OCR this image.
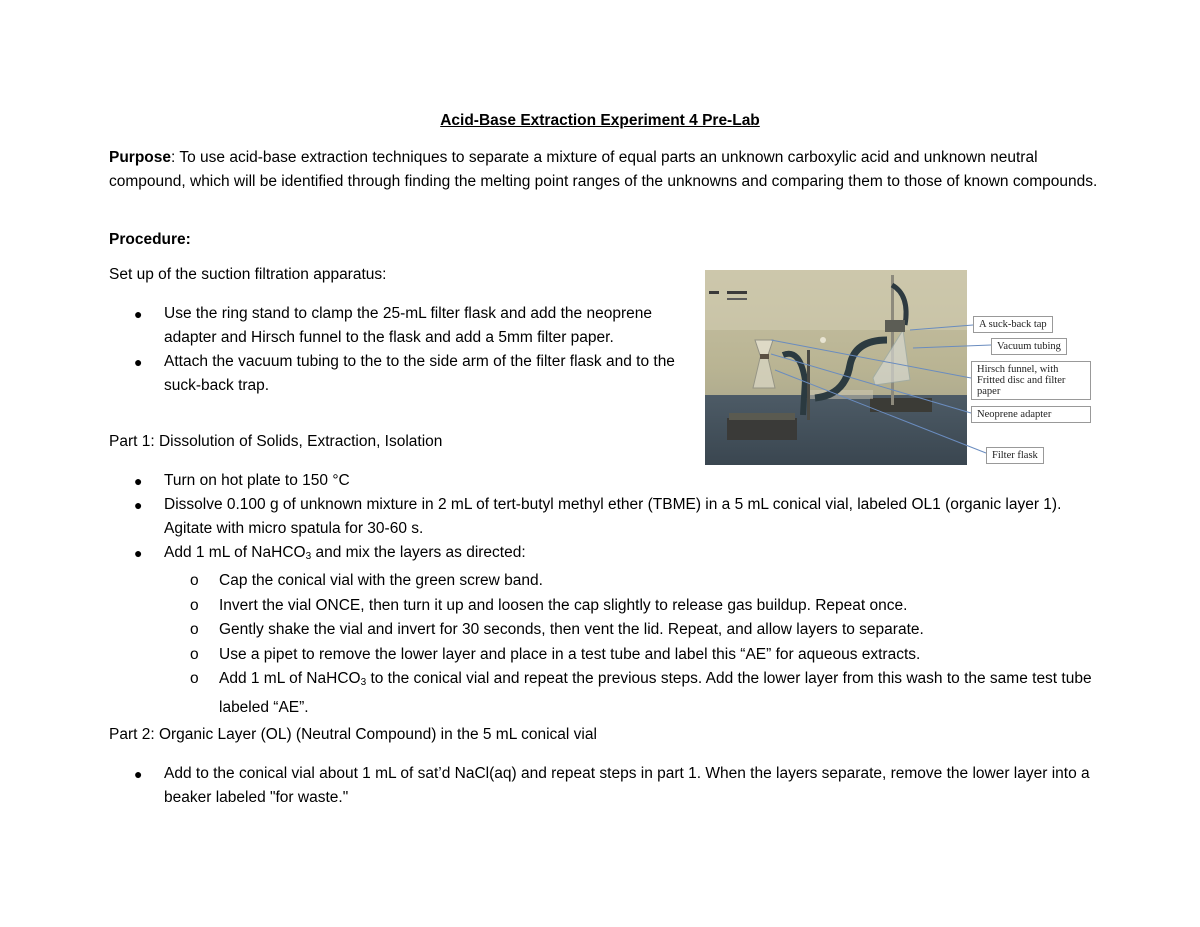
Acid-Base Extraction Experiment 4 Pre-Lab
Purpose: To use acid-base extraction techniques to separate a mixture of equal parts an unknown carboxylic acid and unknown neutral compound, which will be identified through finding the melting point ranges of the unknowns and comparing them to those of known compounds.
Procedure:
Set up of the suction filtration apparatus:
● Use the ring stand to clamp the 25-mL filter flask and add the neoprene adapter and Hirsch funnel to the flask and add a 5mm filter paper.
● Attach the vacuum tubing to the to the side arm of the filter flask and to the suck-back trap.
A suck-back tap
Vacuum tubing
Hirsch funnel, with Fritted disc and filter paper
Neoprene adapter
Filter flask
Part 1: Dissolution of Solids, Extraction, Isolation
● Turn on hot plate to 150 °C
● Dissolve 0.100 g of unknown mixture in 2 mL of tert-butyl methyl ether (TBME) in a 5 mL conical vial, labeled OL1 (organic layer 1). Agitate with micro spatula for 30-60 s.
● Add 1 mL of NaHCO$_3$ and mix the layers as directed:
o Cap the conical vial with the green screw band.
o Invert the vial ONCE, then turn it up and loosen the cap slightly to release gas buildup. Repeat once.
o Gently shake the vial and invert for 30 seconds, then vent the lid. Repeat, and allow layers to separate.
o Use a pipet to remove the lower layer and place in a test tube and label this “AE” for aqueous extracts.
o Add 1 mL of NaHCO$_3$ to the conical vial and repeat the previous steps. Add the lower layer from this wash to the same test tube labeled “AE”.
Part 2: Organic Layer (OL) (Neutral Compound) in the 5 mL conical vial
● Add to the conical vial about 1 mL of sat’d NaCl(aq) and repeat steps in part 1. When the layers separate, remove the lower layer into a beaker labeled "for waste."
